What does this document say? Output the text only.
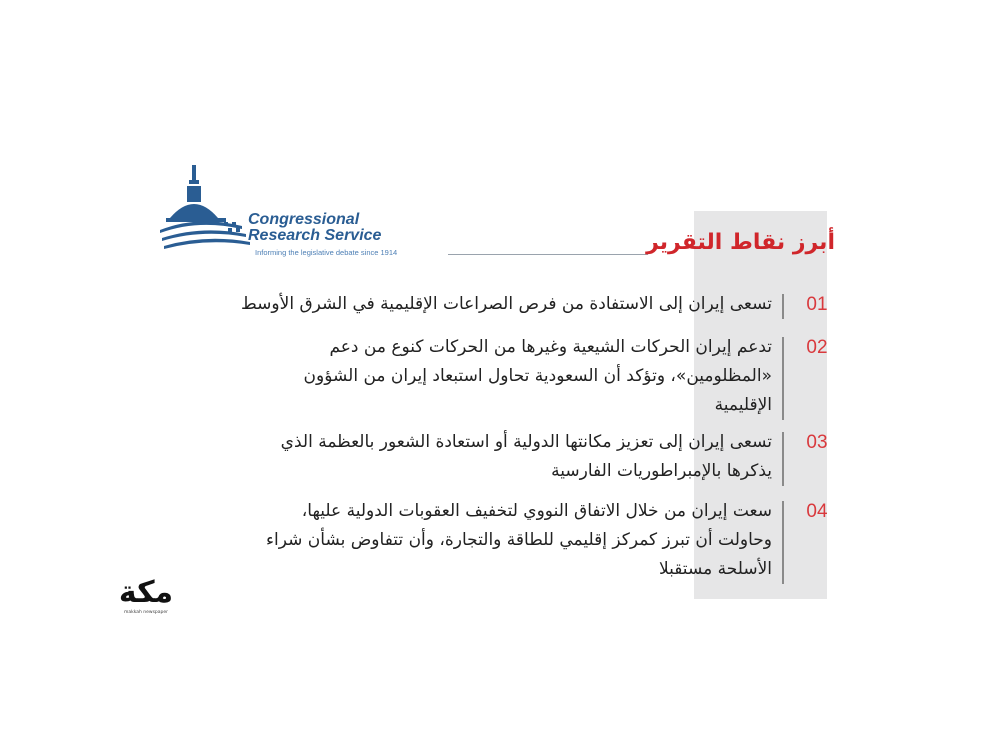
Congressional
Research Service
Informing the legislative debate since 1914	أبرز نقاط التقرير
01
تسعى إيران إلى الاستفادة من فرص الصراعات الإقليمية في الشرق الأوسط
02
تدعم إيران الحركات الشيعية وغيرها من الحركات كنوع من دعم
«المظلومين»، وتؤكد أن السعودية تحاول استبعاد إيران من الشؤون
الإقليمية
03
تسعى إيران إلى تعزيز مكانتها الدولية أو استعادة الشعور بالعظمة الذي
يذكرها بالإمبراطوريات الفارسية
04
سعت إيران من خلال الاتفاق النووي لتخفيف العقوبات الدولية عليها،
وحاولت أن تبرز كمركز إقليمي للطاقة والتجارة، وأن تتفاوض بشأن شراء
الأسلحة مستقبلا
مكة
makkah newspaper
